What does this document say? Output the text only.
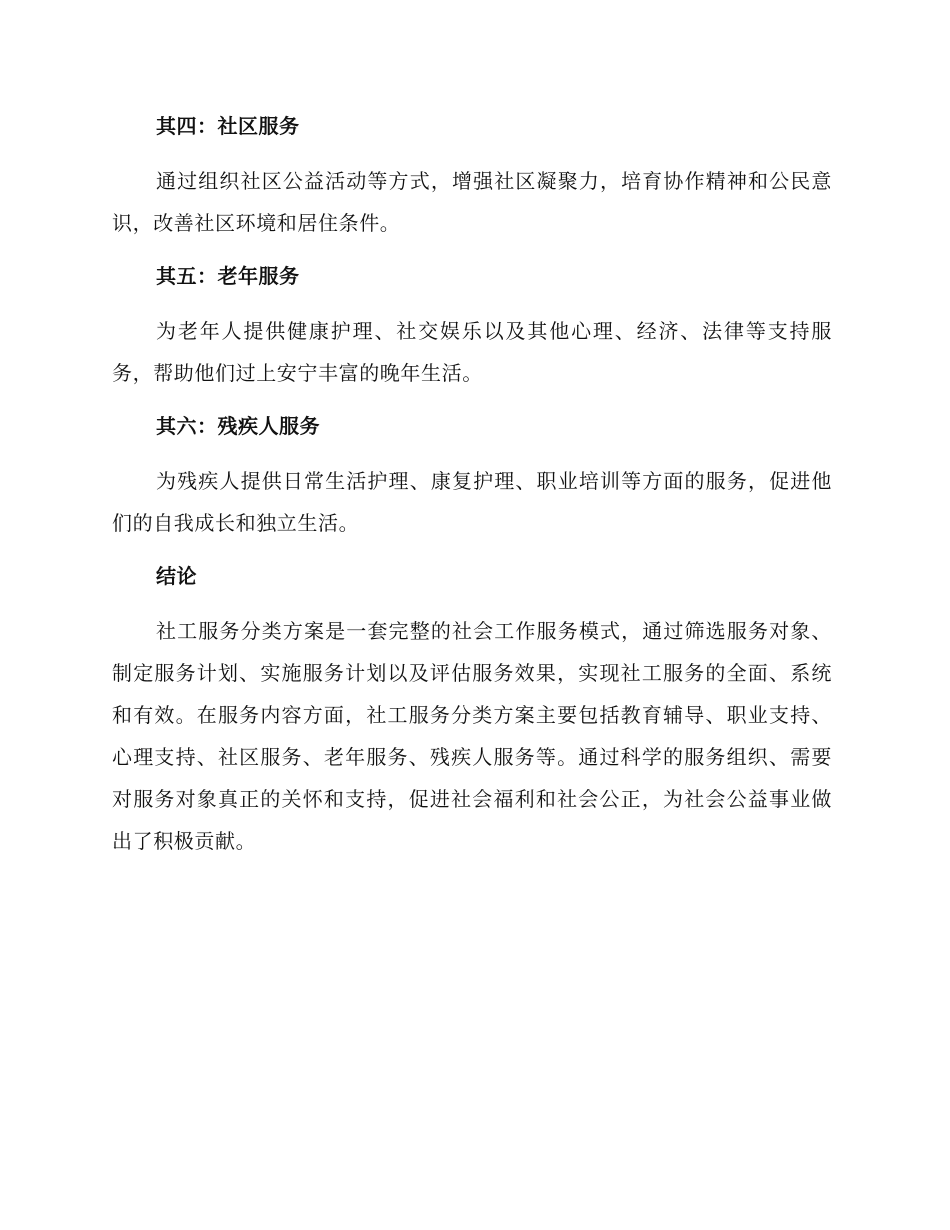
其四：社区服务

通过组织社区公益活动等方式，增强社区凝聚力，培育协作精神和公民意识，改善社区环境和居住条件。

其五：老年服务

为老年人提供健康护理、社交娱乐以及其他心理、经济、法律等支持服务，帮助他们过上安宁丰富的晚年生活。

其六：残疾人服务

为残疾人提供日常生活护理、康复护理、职业培训等方面的服务，促进他们的自我成长和独立生活。

结论

社工服务分类方案是一套完整的社会工作服务模式，通过筛选服务对象、制定服务计划、实施服务计划以及评估服务效果，实现社工服务的全面、系统和有效。在服务内容方面，社工服务分类方案主要包括教育辅导、职业支持、心理支持、社区服务、老年服务、残疾人服务等。通过科学的服务组织、需要对服务对象真正的关怀和支持，促进社会福利和社会公正，为社会公益事业做出了积极贡献。
